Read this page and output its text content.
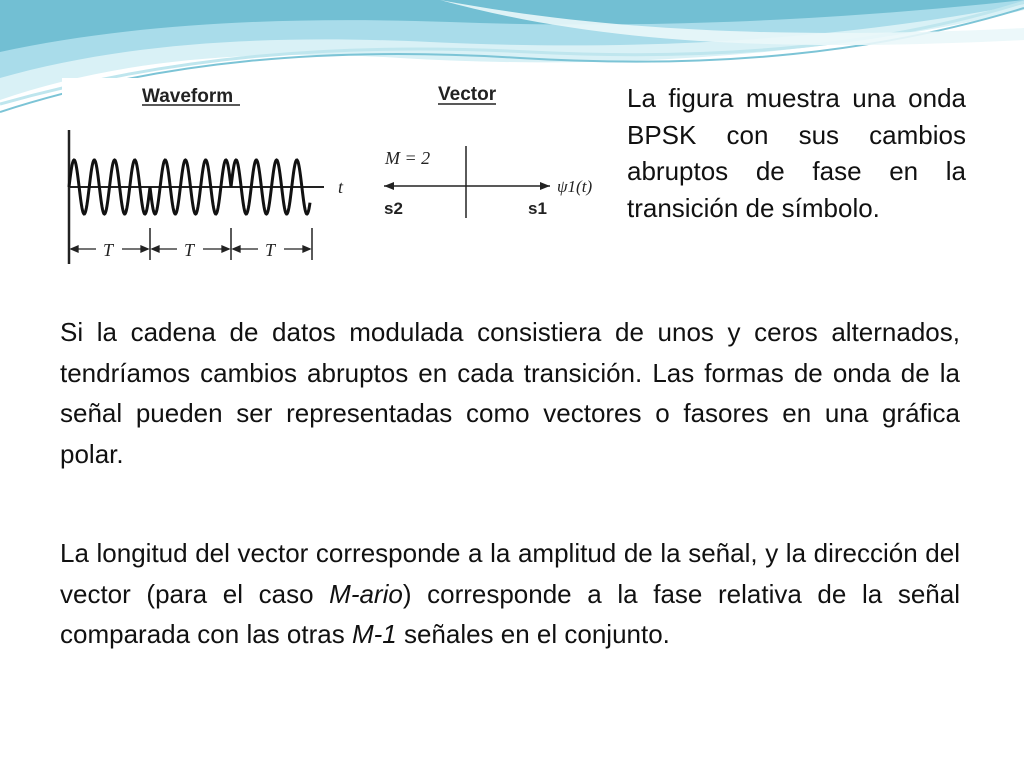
Waveform	Vector
t
T	T	T
M = 2
ψ1(t)
s2	s1
La figura muestra una onda BPSK con sus cambios abruptos de fase en la transición de símbolo.

Si la cadena de datos modulada consistiera de unos y ceros alternados, tendríamos cambios abruptos en cada transición. Las formas de onda de la señal pueden ser representadas como vectores o fasores en una gráfica polar.

La longitud del vector corresponde a la amplitud de la señal, y la dirección del vector (para el caso M-ario) corresponde a la fase relativa de la señal comparada con las otras M-1 señales en el conjunto.
